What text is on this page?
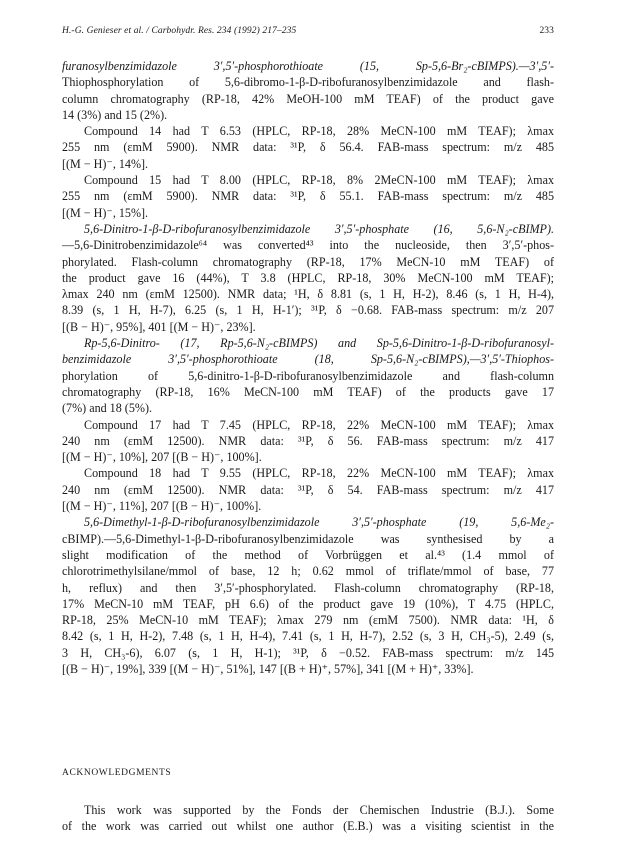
H.-G. Genieser et al. / Carbohydr. Res. 234 (1992) 217–235	233
furanosylbenzimidazole 3′,5′-phosphorothioate (15, Sp-5,6-Br₂-cBIMPS).—3′,5′-
Thiophosphorylation of 5,6-dibromo-1-β-D-ribofuranosylbenzimidazole and flash-
column chromatography (RP-18, 42% MeOH-100 mM TEAF) of the product gave
14 (3%) and 15 (2%).
Compound 14 had T 6.53 (HPLC, RP-18, 28% MeCN-100 mM TEAF); λmax
255 nm (εmM 5900). NMR data: ³¹P, δ 56.4. FAB-mass spectrum: m/z 485
[(M − H)⁻, 14%].
Compound 15 had T 8.00 (HPLC, RP-18, 8% 2MeCN-100 mM TEAF); λmax
255 nm (εmM 5900). NMR data: ³¹P, δ 55.1. FAB-mass spectrum: m/z 485
[(M − H)⁻, 15%].
5,6-Dinitro-1-β-D-ribofuranosylbenzimidazole 3′,5′-phosphate (16, 5,6-N₂-cBIMP).
—5,6-Dinitrobenzimidazole⁶⁴ was converted⁴³ into the nucleoside, then 3′,5′-phos-
phorylated. Flash-column chromatography (RP-18, 17% MeCN-10 mM TEAF) of
the product gave 16 (44%), T 3.8 (HPLC, RP-18, 30% MeCN-100 mM TEAF);
λmax 240 nm (εmM 12500). NMR data; ¹H, δ 8.81 (s, 1 H, H-2), 8.46 (s, 1 H, H-4),
8.39 (s, 1 H, H-7), 6.25 (s, 1 H, H-1′); ³¹P, δ −0.68. FAB-mass spectrum: m/z 207
[(B − H)⁻, 95%], 401 [(M − H)⁻, 23%].
Rp-5,6-Dinitro- (17, Rp-5,6-N₂-cBIMPS) and Sp-5,6-Dinitro-1-β-D-ribofuranosyl-
benzimidazole 3′,5′-phosphorothioate (18, Sp-5,6-N₂-cBIMPS),—3′,5′-Thiophos-
phorylation of 5,6-dinitro-1-β-D-ribofuranosylbenzimidazole and flash-column
chromatography (RP-18, 16% MeCN-100 mM TEAF) of the products gave 17
(7%) and 18 (5%).
Compound 17 had T 7.45 (HPLC, RP-18, 22% MeCN-100 mM TEAF); λmax
240 nm (εmM 12500). NMR data: ³¹P, δ 56. FAB-mass spectrum: m/z 417
[(M − H)⁻, 10%], 207 [(B − H)⁻, 100%].
Compound 18 had T 9.55 (HPLC, RP-18, 22% MeCN-100 mM TEAF); λmax
240 nm (εmM 12500). NMR data: ³¹P, δ 54. FAB-mass spectrum: m/z 417
[(M − H)⁻, 11%], 207 [(B − H)⁻, 100%].
5,6-Dimethyl-1-β-D-ribofuranosylbenzimidazole 3′,5′-phosphate (19, 5,6-Me₂-
cBIMP).—5,6-Dimethyl-1-β-D-ribofuranosylbenzimidazole was synthesised by a
slight modification of the method of Vorbrüggen et al.⁴³ (1.4 mmol of
chlorotrimethylsilane/mmol of base, 12 h; 0.62 mmol of triflate/mmol of base, 77
h, reflux) and then 3′,5′-phosphorylated. Flash-column chromatography (RP-18,
17% MeCN-10 mM TEAF, pH 6.6) of the product gave 19 (10%), T 4.75 (HPLC,
RP-18, 25% MeCN-10 mM TEAF); λmax 279 nm (εmM 7500). NMR data: ¹H, δ
8.42 (s, 1 H, H-2), 7.48 (s, 1 H, H-4), 7.41 (s, 1 H, H-7), 2.52 (s, 3 H, CH₃-5), 2.49 (s,
3 H, CH₃-6), 6.07 (s, 1 H, H-1); ³¹P, δ −0.52. FAB-mass spectrum: m/z 145
[(B − H)⁻, 19%], 339 [(M − H)⁻, 51%], 147 [(B + H)⁺, 57%], 341 [(M + H)⁺, 33%].
ACKNOWLEDGMENTS
This work was supported by the Fonds der Chemischen Industrie (B.J.). Some
of the work was carried out whilst one author (E.B.) was a visiting scientist in the
